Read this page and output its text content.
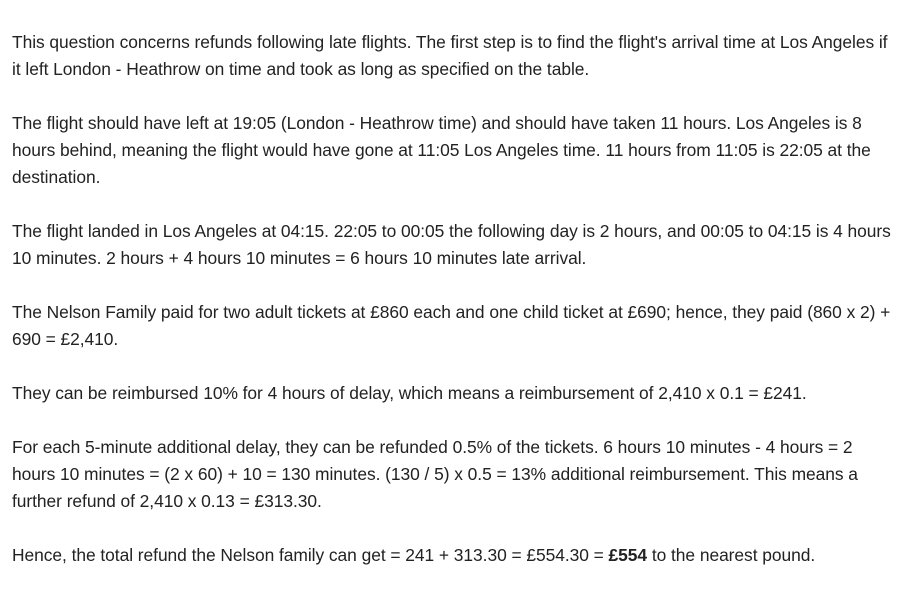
This question concerns refunds following late flights. The first step is to find the flight's arrival time at Los Angeles if it left London - Heathrow on time and took as long as specified on the table.

The flight should have left at 19:05 (London - Heathrow time) and should have taken 11 hours. Los Angeles is 8 hours behind, meaning the flight would have gone at 11:05 Los Angeles time. 11 hours from 11:05 is 22:05 at the destination.

The flight landed in Los Angeles at 04:15. 22:05 to 00:05 the following day is 2 hours, and 00:05 to 04:15 is 4 hours 10 minutes. 2 hours + 4 hours 10 minutes = 6 hours 10 minutes late arrival.

The Nelson Family paid for two adult tickets at £860 each and one child ticket at £690; hence, they paid (860 x 2) + 690 = £2,410.

They can be reimbursed 10% for 4 hours of delay, which means a reimbursement of 2,410 x 0.1 = £241.

For each 5-minute additional delay, they can be refunded 0.5% of the tickets. 6 hours 10 minutes - 4 hours = 2 hours 10 minutes = (2 x 60) + 10 = 130 minutes. (130 / 5) x 0.5 = 13% additional reimbursement. This means a further refund of 2,410 x 0.13 = £313.30.

Hence, the total refund the Nelson family can get = 241 + 313.30 = £554.30 = £554 to the nearest pound.
